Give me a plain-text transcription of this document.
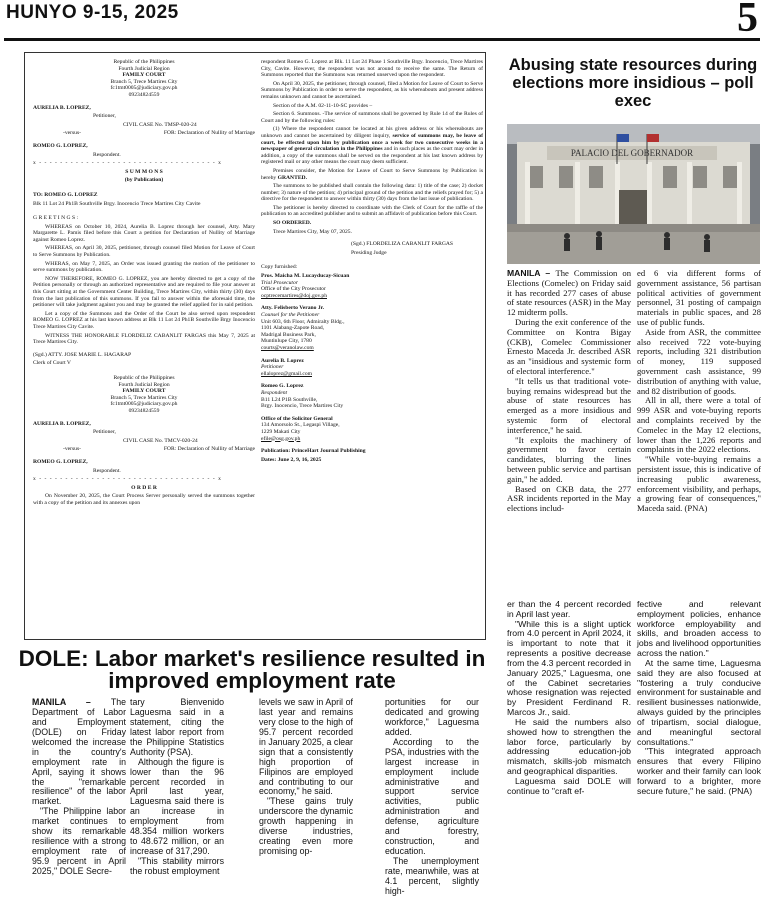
HUNYO 9-15, 2025	5
Republic of the Philippines
Fourth Judicial Region
FAMILY COURT
Branch 5, Trece Martires City
fc1tmt0005@judiciary.gov.ph
09234824559

AURELIA B. LOPREZ,

Petitioner,

CIVIL CASE No. TMSP-020-24

-versus-	FOR: Declaration of Nullity of Marriage

ROMEO G. LOPREZ,

Respondent.

x - - - - - - - - - - - - - - - - - - - - - - - - - - - - - - - - - - x

S U M M O N S

(by Publication)

TO: ROMEO G. LOPREZ

Blk 11 Lot 24 Ph1B Southville Brgy. Inocencio Trece Martires City Cavite

G R E E T I N G S :

WHEREAS on October 10, 2024, Aurelia B. Loprez through her counsel, Atty. Mary Margarette L. Pamis filed before this Court a petition for Declaration of Nullity of Marriage against Romeo Loprez.

WHEREAS, on April 30, 2025, petitioner, through counsel filed Motion for Leave of Court to Serve Summons by Publication.

WHERAS, on May 7, 2025, an Order was issued granting the motion of the petitioner to serve summons by publication.

NOW THEREFORE, ROMEO G. LOPREZ, you are hereby directed to get a copy of the Petition personally or through an authorized representative and are required to file your answer at this Court sitting at the Government Center Building, Trece Martires City, within thirty (30) days from the last publication of this summons. If you fail to answer within the aforesaid time, the petitioner will take judgment against you and may be granted the relief applied for in said petition.

Let a copy of the Summons and the Order of the Court be also served upon respondent ROMEO G. LOPREZ at his last known address at Blk 11 Lot 24 Ph1B Southville Brgy Inocencio Trece Martires City Cavite.

WITNESS THE HONORABLE FLORDELIZ CABANLIT FARGAS this May 7, 2025 at Trece Martires City.

(Sgd.) ATTY. JOSE MARIE L. HAGARAP

Clerk of Court V

Republic of the Philippines
Fourth Judicial Region
FAMILY COURT
Branch 5, Trece Martires City
fc1tmt0005@judiciary.gov.ph
09234824559

AURELIA B. LOPREZ,

Petitioner,

CIVIL CASE No. TMCV-020-24

-versus-	FOR: Declaration of Nullity of Marriage

ROMEO G. LOPREZ,

Respondent.

x - - - - - - - - - - - - - - - - - - - - - - - - - - - - - - - - - - x

O R D E R

On November 20, 2025, the Court Process Server personally served the summons together with a copy of the petition and its annexes upon

respondent Romeo G. Loprez at Blk. 11 Lot 24 Phase 1 Southville Brgy. Inocencio, Trece Martires City, Cavite. However, the respondent was not around to receive the same. The Return of Summons reported that the Summons was returned unserved upon the respondent.

On April 30, 2025, the petitioner, through counsel, filed a Motion for Leave of Court to Serve Summons by Publication in order to serve the respondent, as his whereabouts and present address remains unknown and cannot be ascertained.

Section of the A.M. 02-11-10-SC provides –

Section 6. Summons. -The service of summons shall be governed by Rule 14 of the Rules of Court and by the following rules:

(1) Where the respondent cannot be located at his given address or his whereabouts are unknown and cannot be ascertained by diligent inquiry, service of summons may, be leave of court, be effected upon him by publication once a week for two consecutive weeks in a newspaper of general circulation in the Philippines and in such places as the court may order in addition, a copy of the summons shall be served on the respondent at his last known address by registered mail or any other means the court may deem sufficient.

Premises consider, the Motion for Leave of Court to Serve Summons by Publication is hereby GRANTED.

The summons to be published shall contain the following data: 1) title of the case; 2) docket number; 3) nature of the petition; 4) principal ground of the petition and the reliefs prayed for; 5) a directive for the respondent to answer within thirty (30) days from the last issue of publication.

The petitioner is hereby directed to coordinate with the Clerk of Court for the raffle of the publication to an accredited publisher and to submit an affidavit of publication before this Court.

SO ORDERED.

Trece Martires City, May 07, 2025.

(Sgd.) FLORDELIZA CABANLIT FARGAS

Presiding Judge

Copy furnished:

Pros. Maicha M. Lucayducay-Sicuan
Trial Prosecutor
Office of the City Prosecutor
ocptrecemartires@doj.gov.ph
Atty. Felisberto Verano Jr.
Counsel for the Petitioner
Unit 603, 6th Floor, Admiralty Bldg.,
1101 Alabang-Zapote Road,
Madrigal Business Park,
Muntinlupe City, 1780
courts@veranolaw.com
Aurelia B. Loprez
Petitioner
ellaloprez@gmail.com
Romeo G. Loprez
Respondent
B11 L24 P1B Southville,
Brgy. Inocencio, Trece Martires City
Office of the Solicitor General
134 Amorsolo St., Legaspi Village,
1229 Makati City
efile@osg.gov.ph

Publication: PrinceHart Journal Publishing

Dates: June 2, 9, 16, 2025

Abusing state resources during elections more insidious – poll exec
PALACIO DEL GOBERNADOR

MANILA – The Commission on Elections (Comelec) on Friday said it has recorded 277 cases of abuse of state resources (ASR) in the May 12 midterm polls.

During the exit conference of the Committee on Kontra Bigay (CKB), Comelec Commissioner Ernesto Maceda Jr. described ASR as an "insidious and systemic form of electoral interference."

"It tells us that traditional vote-buying remains widespread but the abuse of state resources has emerged as a more insidious and systemic form of electoral interference," he said.

"It exploits the machinery of government to favor certain candidates, blurring the lines between public service and partisan gain," he added.

Based on CKB data, the 277 ASR incidents reported in the May elections includ-

ed 6 via different forms of government assistance, 56 partisan political activities of government personnel, 31 posting of campaign materials in public spaces, and 28 use of public funds.

Aside from ASR, the committee also received 722 vote-buying reports, including 321 distribution of money, 119 supposed government cash assistance, 99 distribution of anything with value, and 82 distribution of goods.

All in all, there were a total of 999 ASR and vote-buying reports and complaints received by the Comelec in the May 12 elections, lower than the 1,226 reports and complaints in the 2022 elections.

"While vote-buying remains a persistent issue, this is indicative of increasing public awareness, enforcement visibility, and perhaps, a growing fear of consequences," Maceda said. (PNA)

DOLE: Labor market's resilience resulted in improved employment rate

MANILA – The Department of Labor and Employment (DOLE) on Friday welcomed the increase in the country's employment rate in April, saying it shows the "remarkable resilience" of the labor market.

"The Philippine labor market continues to show its remarkable resilience with a strong employment rate of 95.9 percent in April 2025," DOLE Secre-

tary Bienvenido Laguesma said in a statement, citing the latest labor report from the Philippine Statistics Authority (PSA).

Although the figure is lower than the 96 percent recorded in April last year, Laguesma said there is an increase in employment from 48.354 million workers to 48.672 million, or an increase of 317,290.

"This stability mirrors the robust employment

levels we saw in April of last year and remains very close to the high of 95.7 percent recorded in January 2025, a clear sign that a consistently high proportion of Filipinos are employed and contributing to our economy," he said.

"These gains truly underscore the dynamic growth happening in diverse industries, creating even more promising op-

portunities for our dedicated and growing workforce," Laguesma added.

According to the PSA, industries with the largest increase in employment include administrative and support service activities, public administration and defense, agriculture and forestry, construction, and education.

The unemployment rate, meanwhile, was at 4.1 percent, slightly high-

er than the 4 percent recorded in April last year.

"While this is a slight uptick from 4.0 percent in April 2024, it is important to note that it represents a positive decrease from the 4.3 percent recorded in January 2025," Laguesma, one of the Cabinet secretaries whose resignation was rejected by President Ferdinand R. Marcos Jr., said.

He said the numbers also showed how to strengthen the labor force, particularly by addressing education-job mismatch, skills-job mismatch and geographical disparities.

Laguesma said DOLE will continue to "craft ef-

fective and relevant employment policies, enhance workforce employability and skills, and broaden access to jobs and livelihood opportunities across the nation."

At the same time, Laguesma said they are also focused at "fostering a truly conducive environment for sustainable and resilient businesses nationwide, always guided by the principles of tripartism, social dialogue, and meaningful sectoral consultations."

"This integrated approach ensures that every Filipino worker and their family can look forward to a brighter, more secure future," he said. (PNA)
